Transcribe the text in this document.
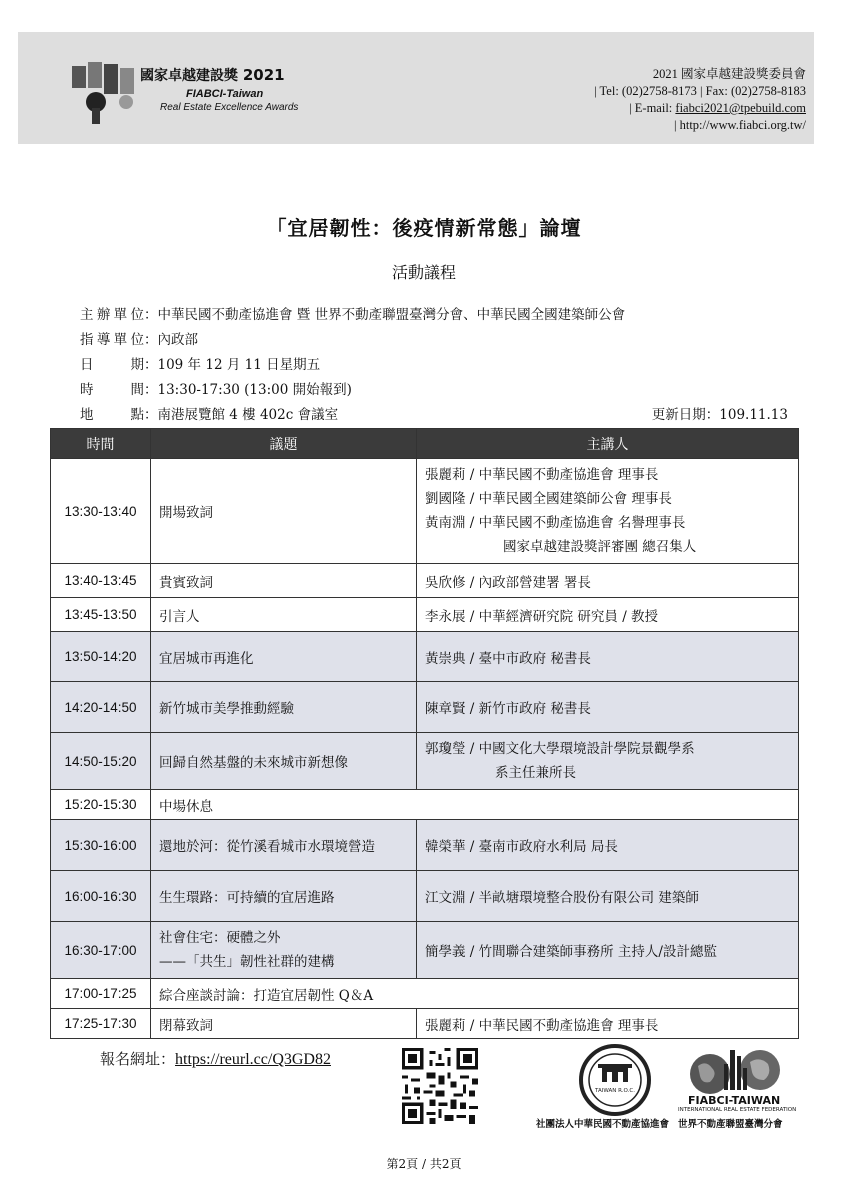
國家卓越建設獎 2021
FIABCI-Taiwan
Real Estate Excellence Awards
2021 國家卓越建設獎委員會
| Tel: (02)2758-8173 | Fax: (02)2758-8183
| E-mail: fiabci2021@tpebuild.com
| http://www.fiabci.org.tw/
「宜居韌性：後疫情新常態」論壇
活動議程
主辦單位：中華民國不動產協進會 暨 世界不動產聯盟臺灣分會、中華民國全國建築師公會
指導單位：內政部
日期：109 年 12 月 11 日星期五
時間：13:30-17:30 (13:00 開始報到)
地點：南港展覽館 4 樓 402c 會議室	更新日期：109.11.13
時間	議題	主講人
13:30-13:40	開場致詞	張麗莉 / 中華民國不動產協進會 理事長
劉國隆 / 中華民國全國建築師公會 理事長
黃南淵 / 中華民國不動產協進會 名譽理事長
國家卓越建設獎評審團 總召集人

13:40-13:45	貴賓致詞	吳欣修 / 內政部營建署 署長
13:45-13:50	引言人	李永展 / 中華經濟研究院 研究員 / 教授
13:50-14:20	宜居城市再進化	黃崇典 / 臺中市政府 秘書長
14:20-14:50	新竹城市美學推動經驗	陳章賢 / 新竹市政府 秘書長
14:50-15:20	回歸自然基盤的未來城市新想像	郭瓊瑩 / 中國文化大學環境設計學院景觀學系
系主任兼所長

15:20-15:30	中場休息	
15:30-16:00	還地於河：從竹溪看城市水環境營造	韓榮華 / 臺南市政府水利局 局長
16:00-16:30	生生環路：可持續的宜居進路	江文淵 / 半畝塘環境整合股份有限公司 建築師
16:30-17:00	社會住宅：硬體之外
——「共生」韌性社群的建構	簡學義 / 竹間聯合建築師事務所 主持人/設計總監
17:00-17:25	綜合座談討論：打造宜居韌性 Q＆A	
17:25-17:30	閉幕致詞	張麗莉 / 中華民國不動產協進會 理事長
報名網址：https://reurl.cc/Q3GD82
TAIWAN R.O.C.
社團法人中華民國不動產協進會
FIABCI-TAIWAN
INTERNATIONAL REAL ESTATE FEDERATION
世界不動產聯盟臺灣分會
第2頁 / 共2頁
